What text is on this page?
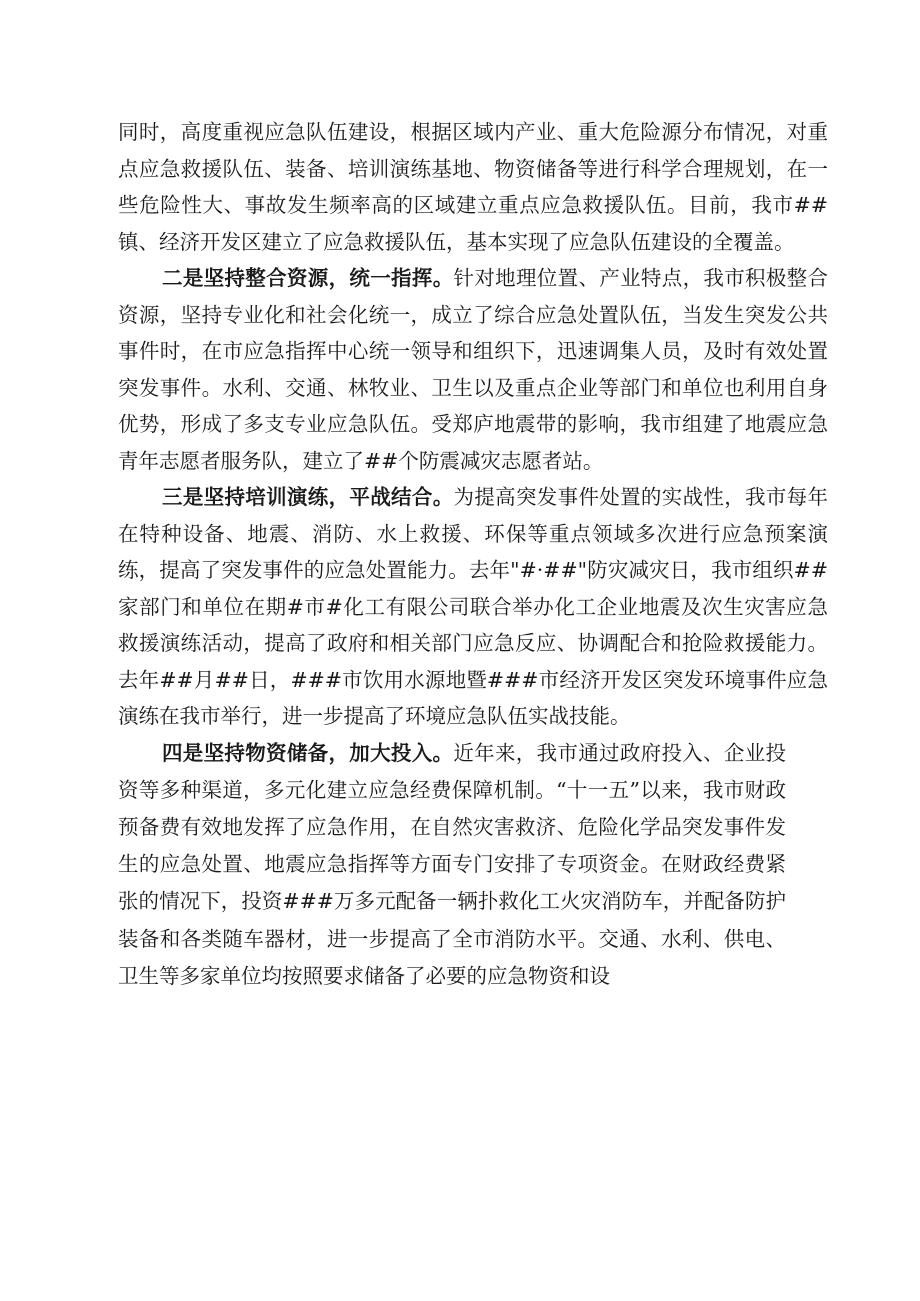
同时，高度重视应急队伍建设，根据区域内产业、重大危险源分布情况，对重点应急救援队伍、装备、培训演练基地、物资储备等进行科学合理规划，在一些危险性大、事故发生频率高的区域建立重点应急救援队伍。目前，我市##镇、经济开发区建立了应急救援队伍，基本实现了应急队伍建设的全覆盖。

二是坚持整合资源，统一指挥。针对地理位置、产业特点，我市积极整合资源，坚持专业化和社会化统一，成立了综合应急处置队伍，当发生突发公共事件时，在市应急指挥中心统一领导和组织下，迅速调集人员，及时有效处置突发事件。水利、交通、林牧业、卫生以及重点企业等部门和单位也利用自身优势，形成了多支专业应急队伍。受郑庐地震带的影响，我市组建了地震应急青年志愿者服务队，建立了##个防震减灾志愿者站。

三是坚持培训演练，平战结合。为提高突发事件处置的实战性，我市每年在特种设备、地震、消防、水上救援、环保等重点领域多次进行应急预案演练，提高了突发事件的应急处置能力。去年"#·##"防灾减灾日，我市组织##家部门和单位在期#市#化工有限公司联合举办化工企业地震及次生灾害应急救援演练活动，提高了政府和相关部门应急反应、协调配合和抢险救援能力。去年##月##日，###市饮用水源地暨###市经济开发区突发环境事件应急演练在我市举行，进一步提高了环境应急队伍实战技能。

四是坚持物资储备，加大投入。近年来，我市通过政府投入、企业投资等多种渠道，多元化建立应急经费保障机制。“十一五”以来，我市财政预备费有效地发挥了应急作用，在自然灾害救济、危险化学品突发事件发生的应急处置、地震应急指挥等方面专门安排了专项资金。在财政经费紧张的情况下，投资###万多元配备一辆扑救化工火灾消防车，并配备防护装备和各类随车器材，进一步提高了全市消防水平。交通、水利、供电、卫生等多家单位均按照要求储备了必要的应急物资和设
